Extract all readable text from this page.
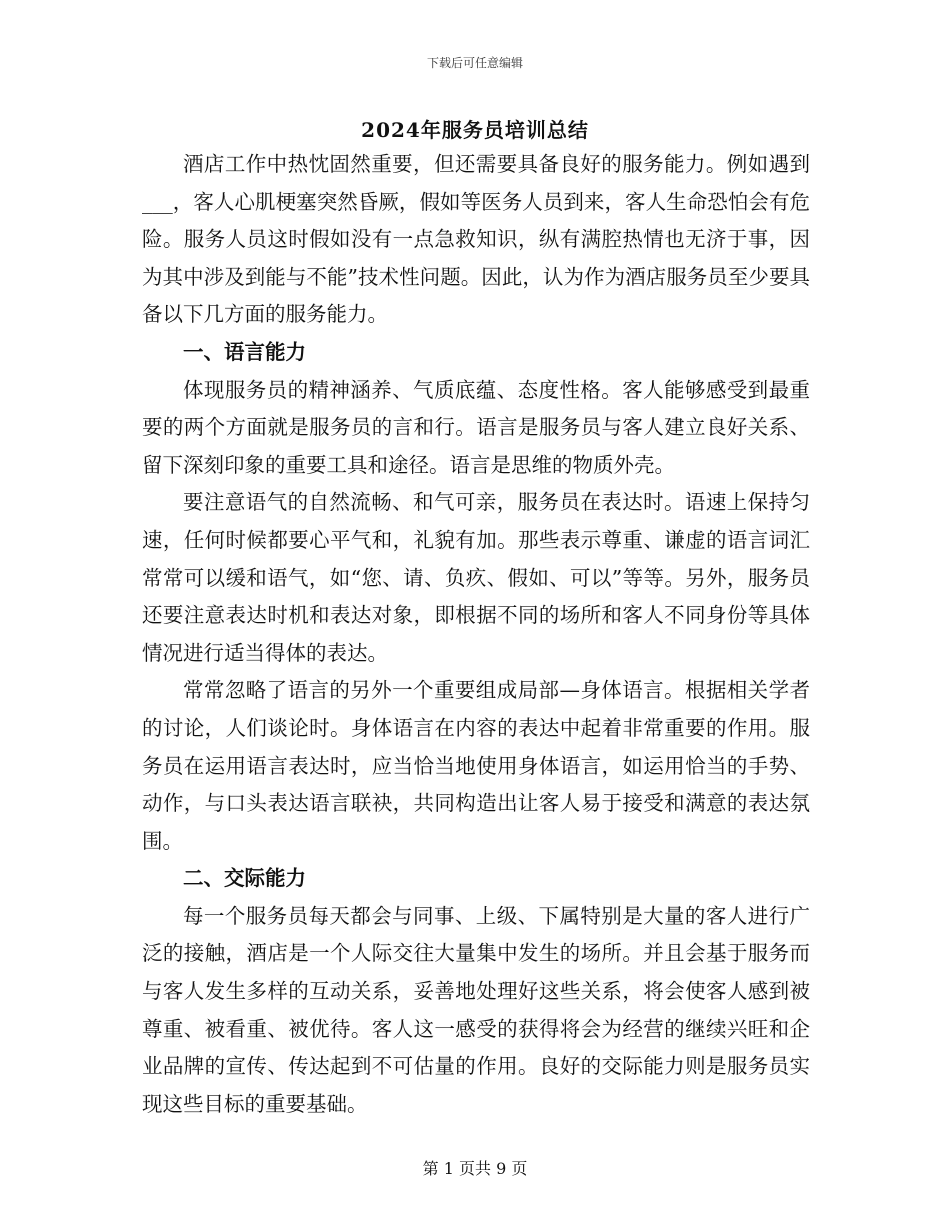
下载后可任意编辑
2024年服务员培训总结

酒店工作中热忱固然重要，但还需要具备良好的服务能力。例如遇到___，客人心肌梗塞突然昏厥，假如等医务人员到来，客人生命恐怕会有危险。服务人员这时假如没有一点急救知识，纵有满腔热情也无济于事，因为其中涉及到能与不能”技术性问题。因此，认为作为酒店服务员至少要具备以下几方面的服务能力。

一、语言能力

体现服务员的精神涵养、气质底蕴、态度性格。客人能够感受到最重要的两个方面就是服务员的言和行。语言是服务员与客人建立良好关系、留下深刻印象的重要工具和途径。语言是思维的物质外壳。

要注意语气的自然流畅、和气可亲，服务员在表达时。语速上保持匀速，任何时候都要心平气和，礼貌有加。那些表示尊重、谦虚的语言词汇常常可以缓和语气，如“您、请、负疚、假如、可以”等等。另外，服务员还要注意表达时机和表达对象，即根据不同的场所和客人不同身份等具体情况进行适当得体的表达。

常常忽略了语言的另外一个重要组成局部—身体语言。根据相关学者的讨论，人们谈论时。身体语言在内容的表达中起着非常重要的作用。服务员在运用语言表达时，应当恰当地使用身体语言，如运用恰当的手势、动作，与口头表达语言联袂，共同构造出让客人易于接受和满意的表达氛围。

二、交际能力

每一个服务员每天都会与同事、上级、下属特别是大量的客人进行广泛的接触，酒店是一个人际交往大量集中发生的场所。并且会基于服务而与客人发生多样的互动关系，妥善地处理好这些关系，将会使客人感到被尊重、被看重、被优待。客人这一感受的获得将会为经营的继续兴旺和企业品牌的宣传、传达起到不可估量的作用。良好的交际能力则是服务员实现这些目标的重要基础。

第 1 页共 9 页
